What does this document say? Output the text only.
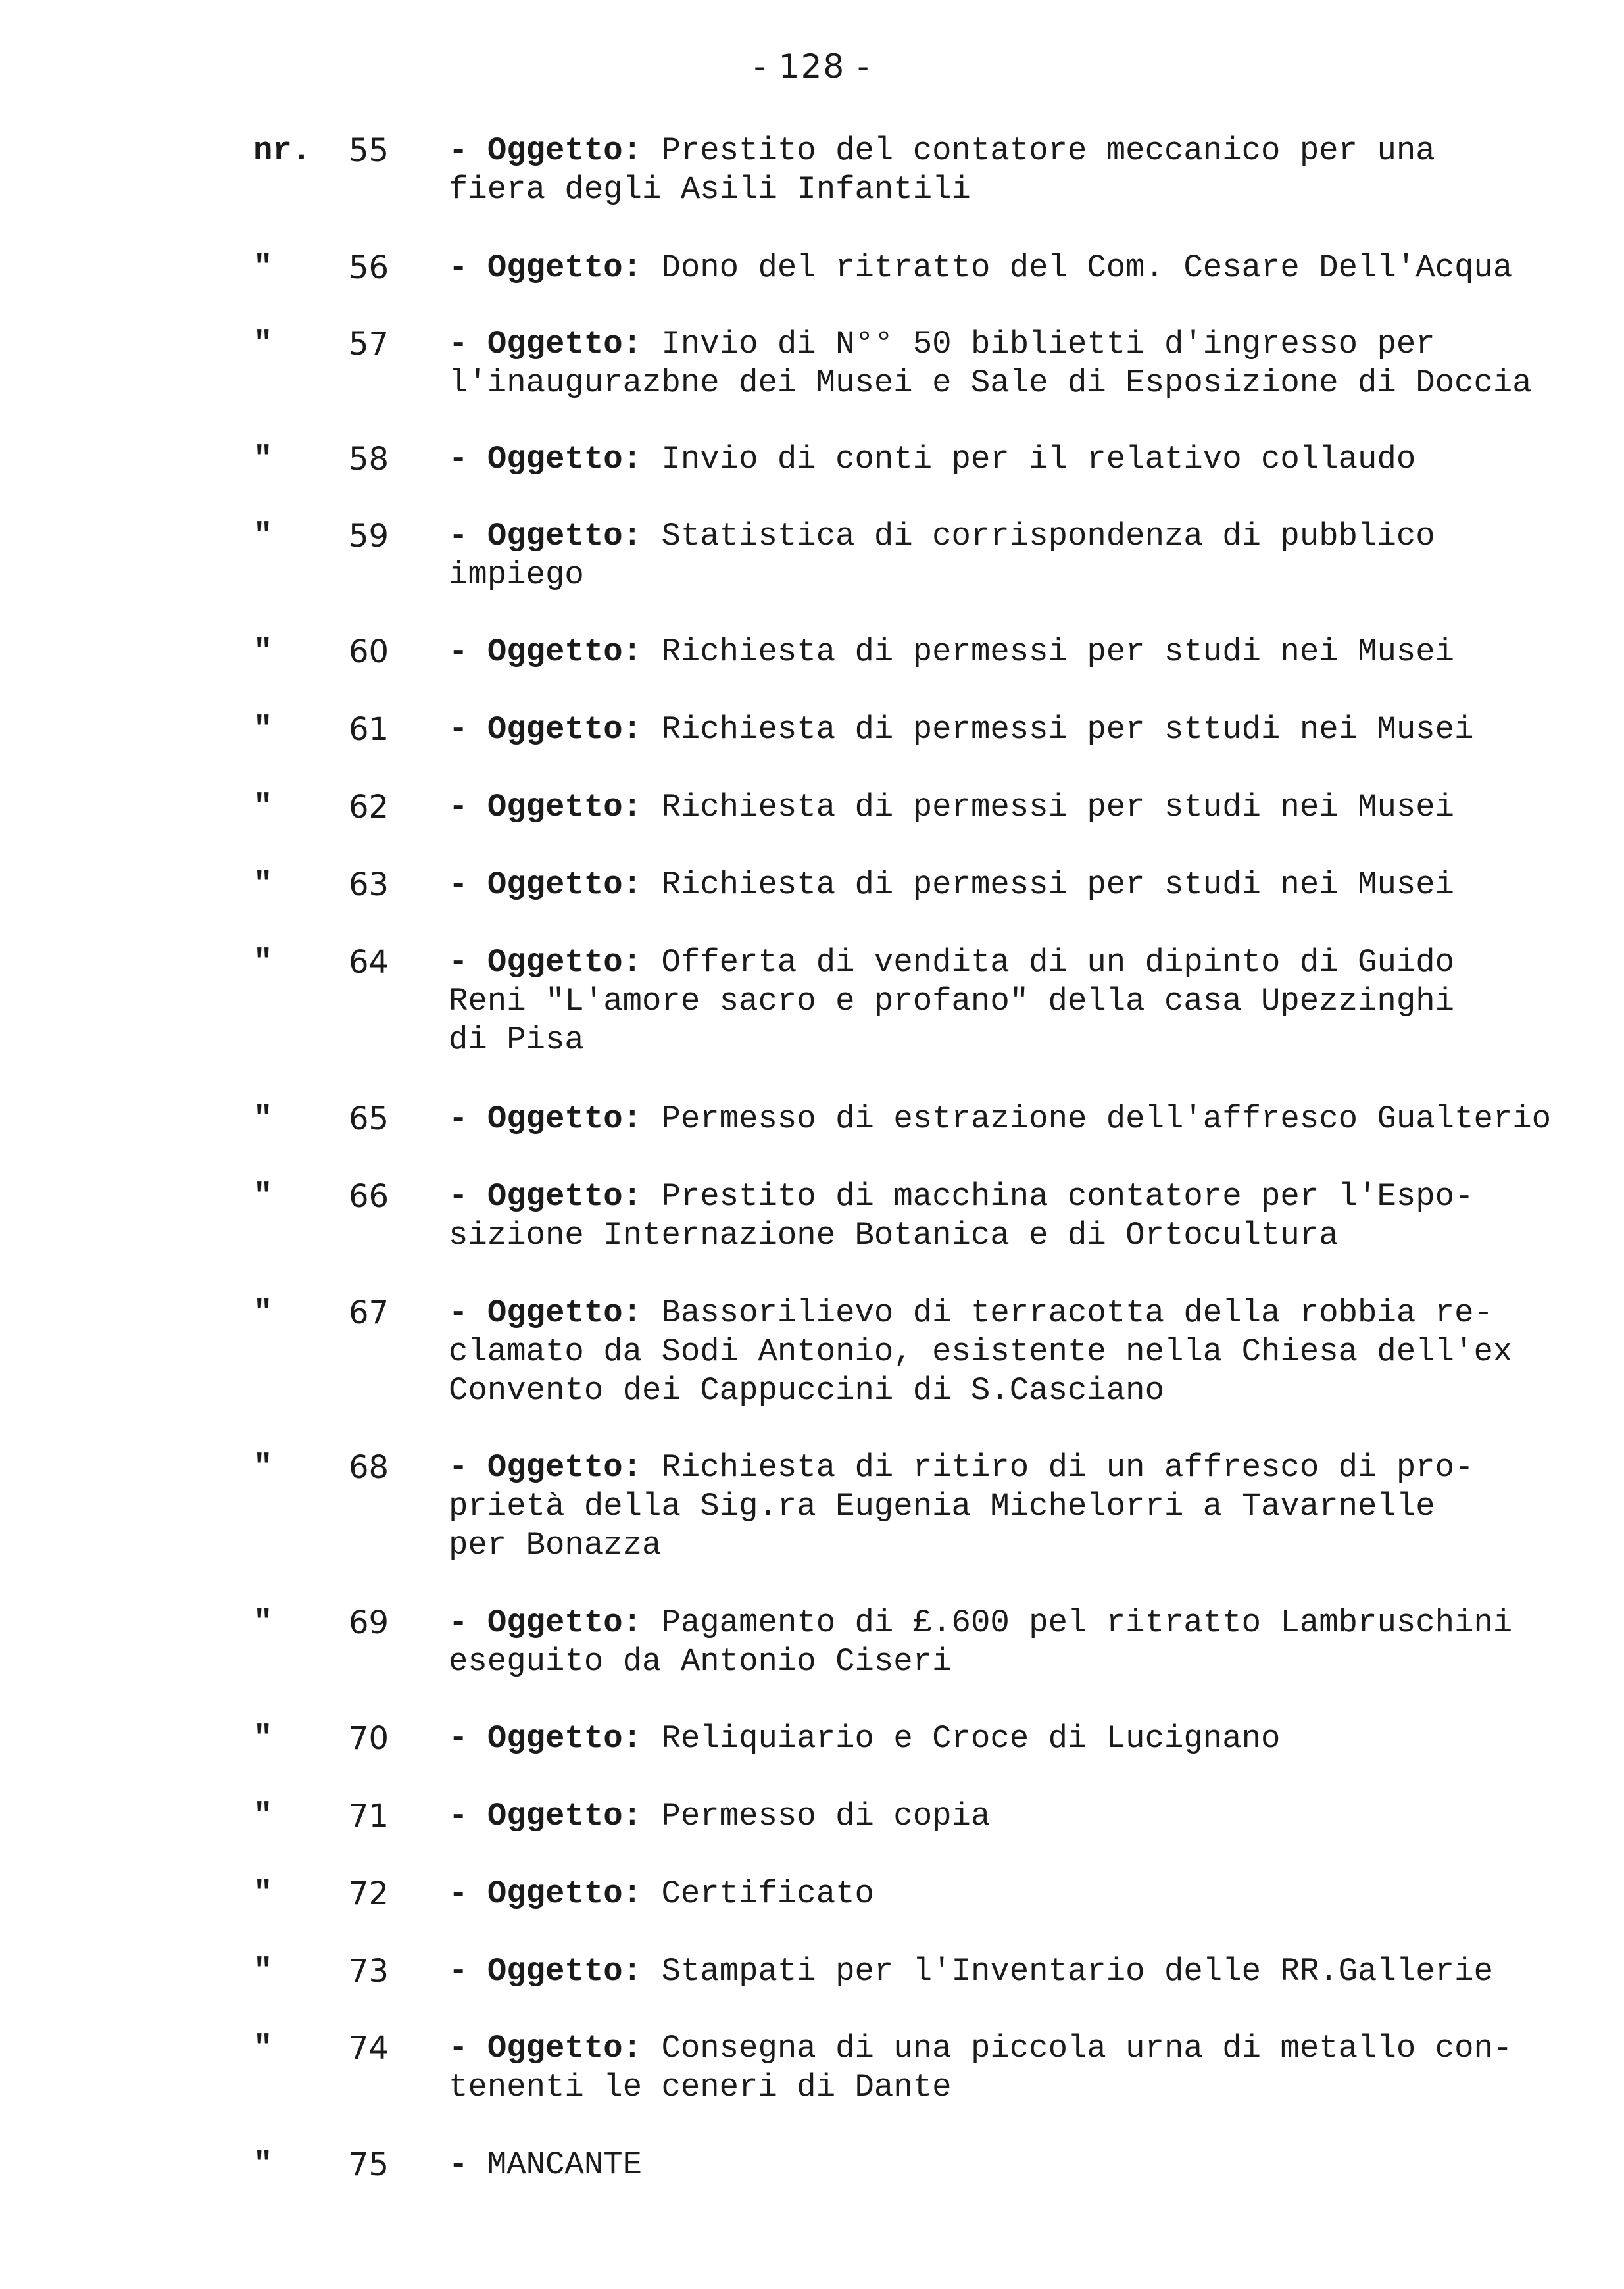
- 128 -
nr. 55 - Oggetto: Prestito del contatore meccanico per una
fiera degli Asili Infantili
" 56 - Oggetto: Dono del ritratto del Com. Cesare Dell'Acqua
" 57 - Oggetto: Invio di N°° 50 biblietti d'ingresso per
l'inaugurazbne dei Musei e Sale di Esposizione di Doccia
" 58 - Oggetto: Invio di conti per il relativo collaudo
" 59 - Oggetto: Statistica di corrispondenza di pubblico
impiego
" 60 - Oggetto: Richiesta di permessi per studi nei Musei
" 61 - Oggetto: Richiesta di permessi per sttudi nei Musei
" 62 - Oggetto: Richiesta di permessi per studi nei Musei
" 63 - Oggetto: Richiesta di permessi per studi nei Musei
" 64 - Oggetto: Offerta di vendita di un dipinto di Guido
Reni "L'amore sacro e profano" della casa Upezzinghi
di Pisa
" 65 - Oggetto: Permesso di estrazione dell'affresco Gualterio
" 66 - Oggetto: Prestito di macchina contatore per l'Espo-
sizione Internazione Botanica e di Ortocultura
" 67 - Oggetto: Bassorilievo di terracotta della robbia re-
clamato da Sodi Antonio, esistente nella Chiesa dell'ex
Convento dei Cappuccini di S.Casciano
" 68 - Oggetto: Richiesta di ritiro di un affresco di pro-
prietà della Sig.ra Eugenia Michelorri a Tavarnelle
per Bonazza
" 69 - Oggetto: Pagamento di £.600 pel ritratto Lambruschini
eseguito da Antonio Ciseri
" 70 - Oggetto: Reliquiario e Croce di Lucignano
" 71 - Oggetto: Permesso di copia
" 72 - Oggetto: Certificato
" 73 - Oggetto: Stampati per l'Inventario delle RR.Gallerie
" 74 - Oggetto: Consegna di una piccola urna di metallo con-
tenenti le ceneri di Dante
" 75 - MANCANTE
